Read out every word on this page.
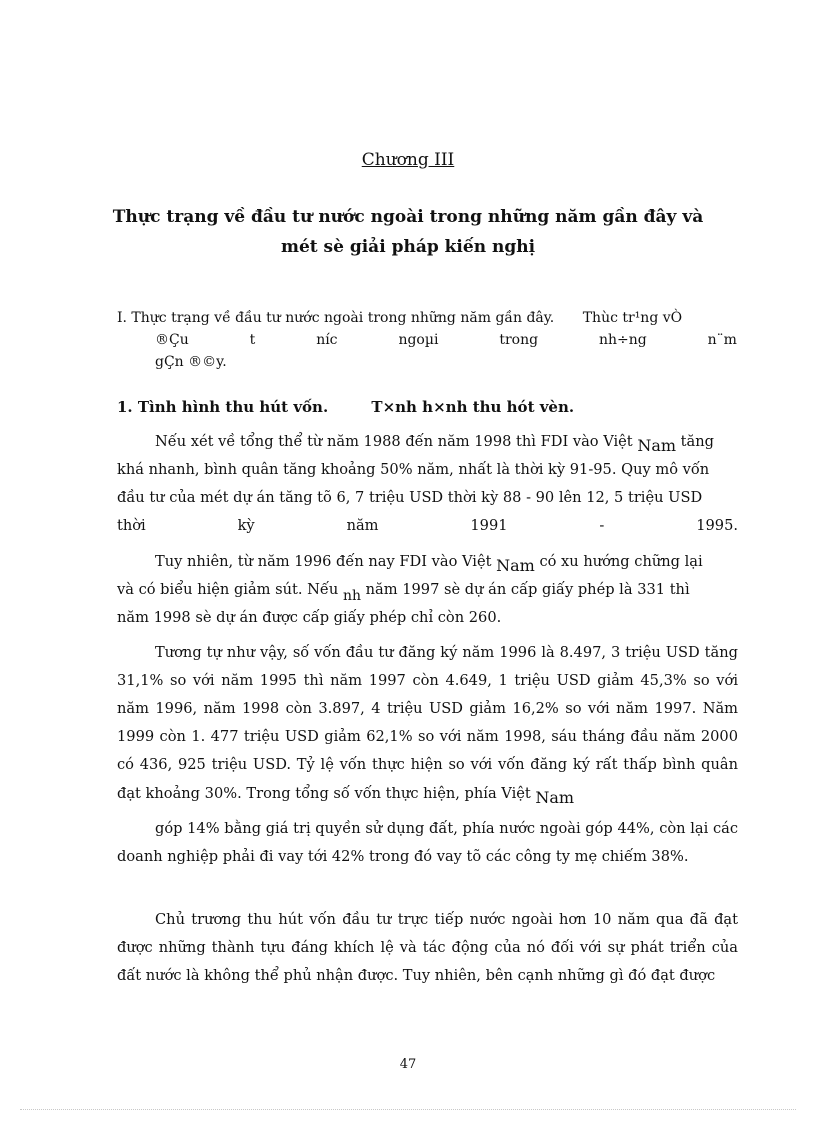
Chương III
Thực trạng về đầu tư nước ngoài trong những năm gần đây và
mét sè giải pháp kiến nghị
I. Thực trạng về đầu tư nước ngoài trong những năm gần đây. Thùc tr¹ng vÒ
®Çu	t	níc	ngoµi	trong	nh÷ng	n¨m
gÇn ®©y.
1. Tình hình thu hút vốn.	T×nh h×nh thu hót vèn.

Nếu xét về tổng thể từ năm 1988 đến năm 1998 thì FDI vào Việt Nam tăng

khá nhanh, bình quân tăng khoảng 50% năm, nhất là thời kỳ 91-95. Quy mô vốn

đầu tư của mét dự án tăng tõ 6, 7 triệu USD thời kỳ 88 - 90 lên 12, 5 triệu USD

thời	kỳ	năm	1991	-	1995.

Tuy nhiên, từ năm 1996 đến nay FDI vào Việt Nam có xu hướng chững lại

và có biểu hiện giảm sút. Nếu nh năm 1997 sè dự án cấp giấy phép là 331 thì

năm 1998 sè dự án được cấp giấy phép chỉ còn 260.

Tương tự như vậy, số vốn đầu tư đăng ký năm 1996 là 8.497, 3 triệu USD tăng 31,1% so với năm 1995 thì năm 1997 còn 4.649, 1 triệu USD giảm 45,3% so với năm 1996, năm 1998 còn 3.897, 4 triệu USD giảm 16,2% so với năm 1997. Năm 1999 còn 1. 477 triệu USD giảm 62,1% so với năm 1998, sáu tháng đầu năm 2000 có 436, 925 triệu USD. Tỷ lệ vốn thực hiện so với vốn đăng ký rất thấp bình quân đạt khoảng 30%. Trong tổng số vốn thực hiện, phía Việt Nam

góp 14% bằng giá trị quyền sử dụng đất, phía nước ngoài góp 44%, còn lại các doanh nghiệp phải đi vay tới 42% trong đó vay tõ các công ty mẹ chiếm 38%.

Chủ trương thu hút vốn đầu tư trực tiếp nước ngoài hơn 10 năm qua đã đạt được những thành tựu đáng khích lệ và tác động của nó đối với sự phát triển của đất nước là không thể phủ nhận được. Tuy nhiên, bên cạnh những gì đó đạt được

47
